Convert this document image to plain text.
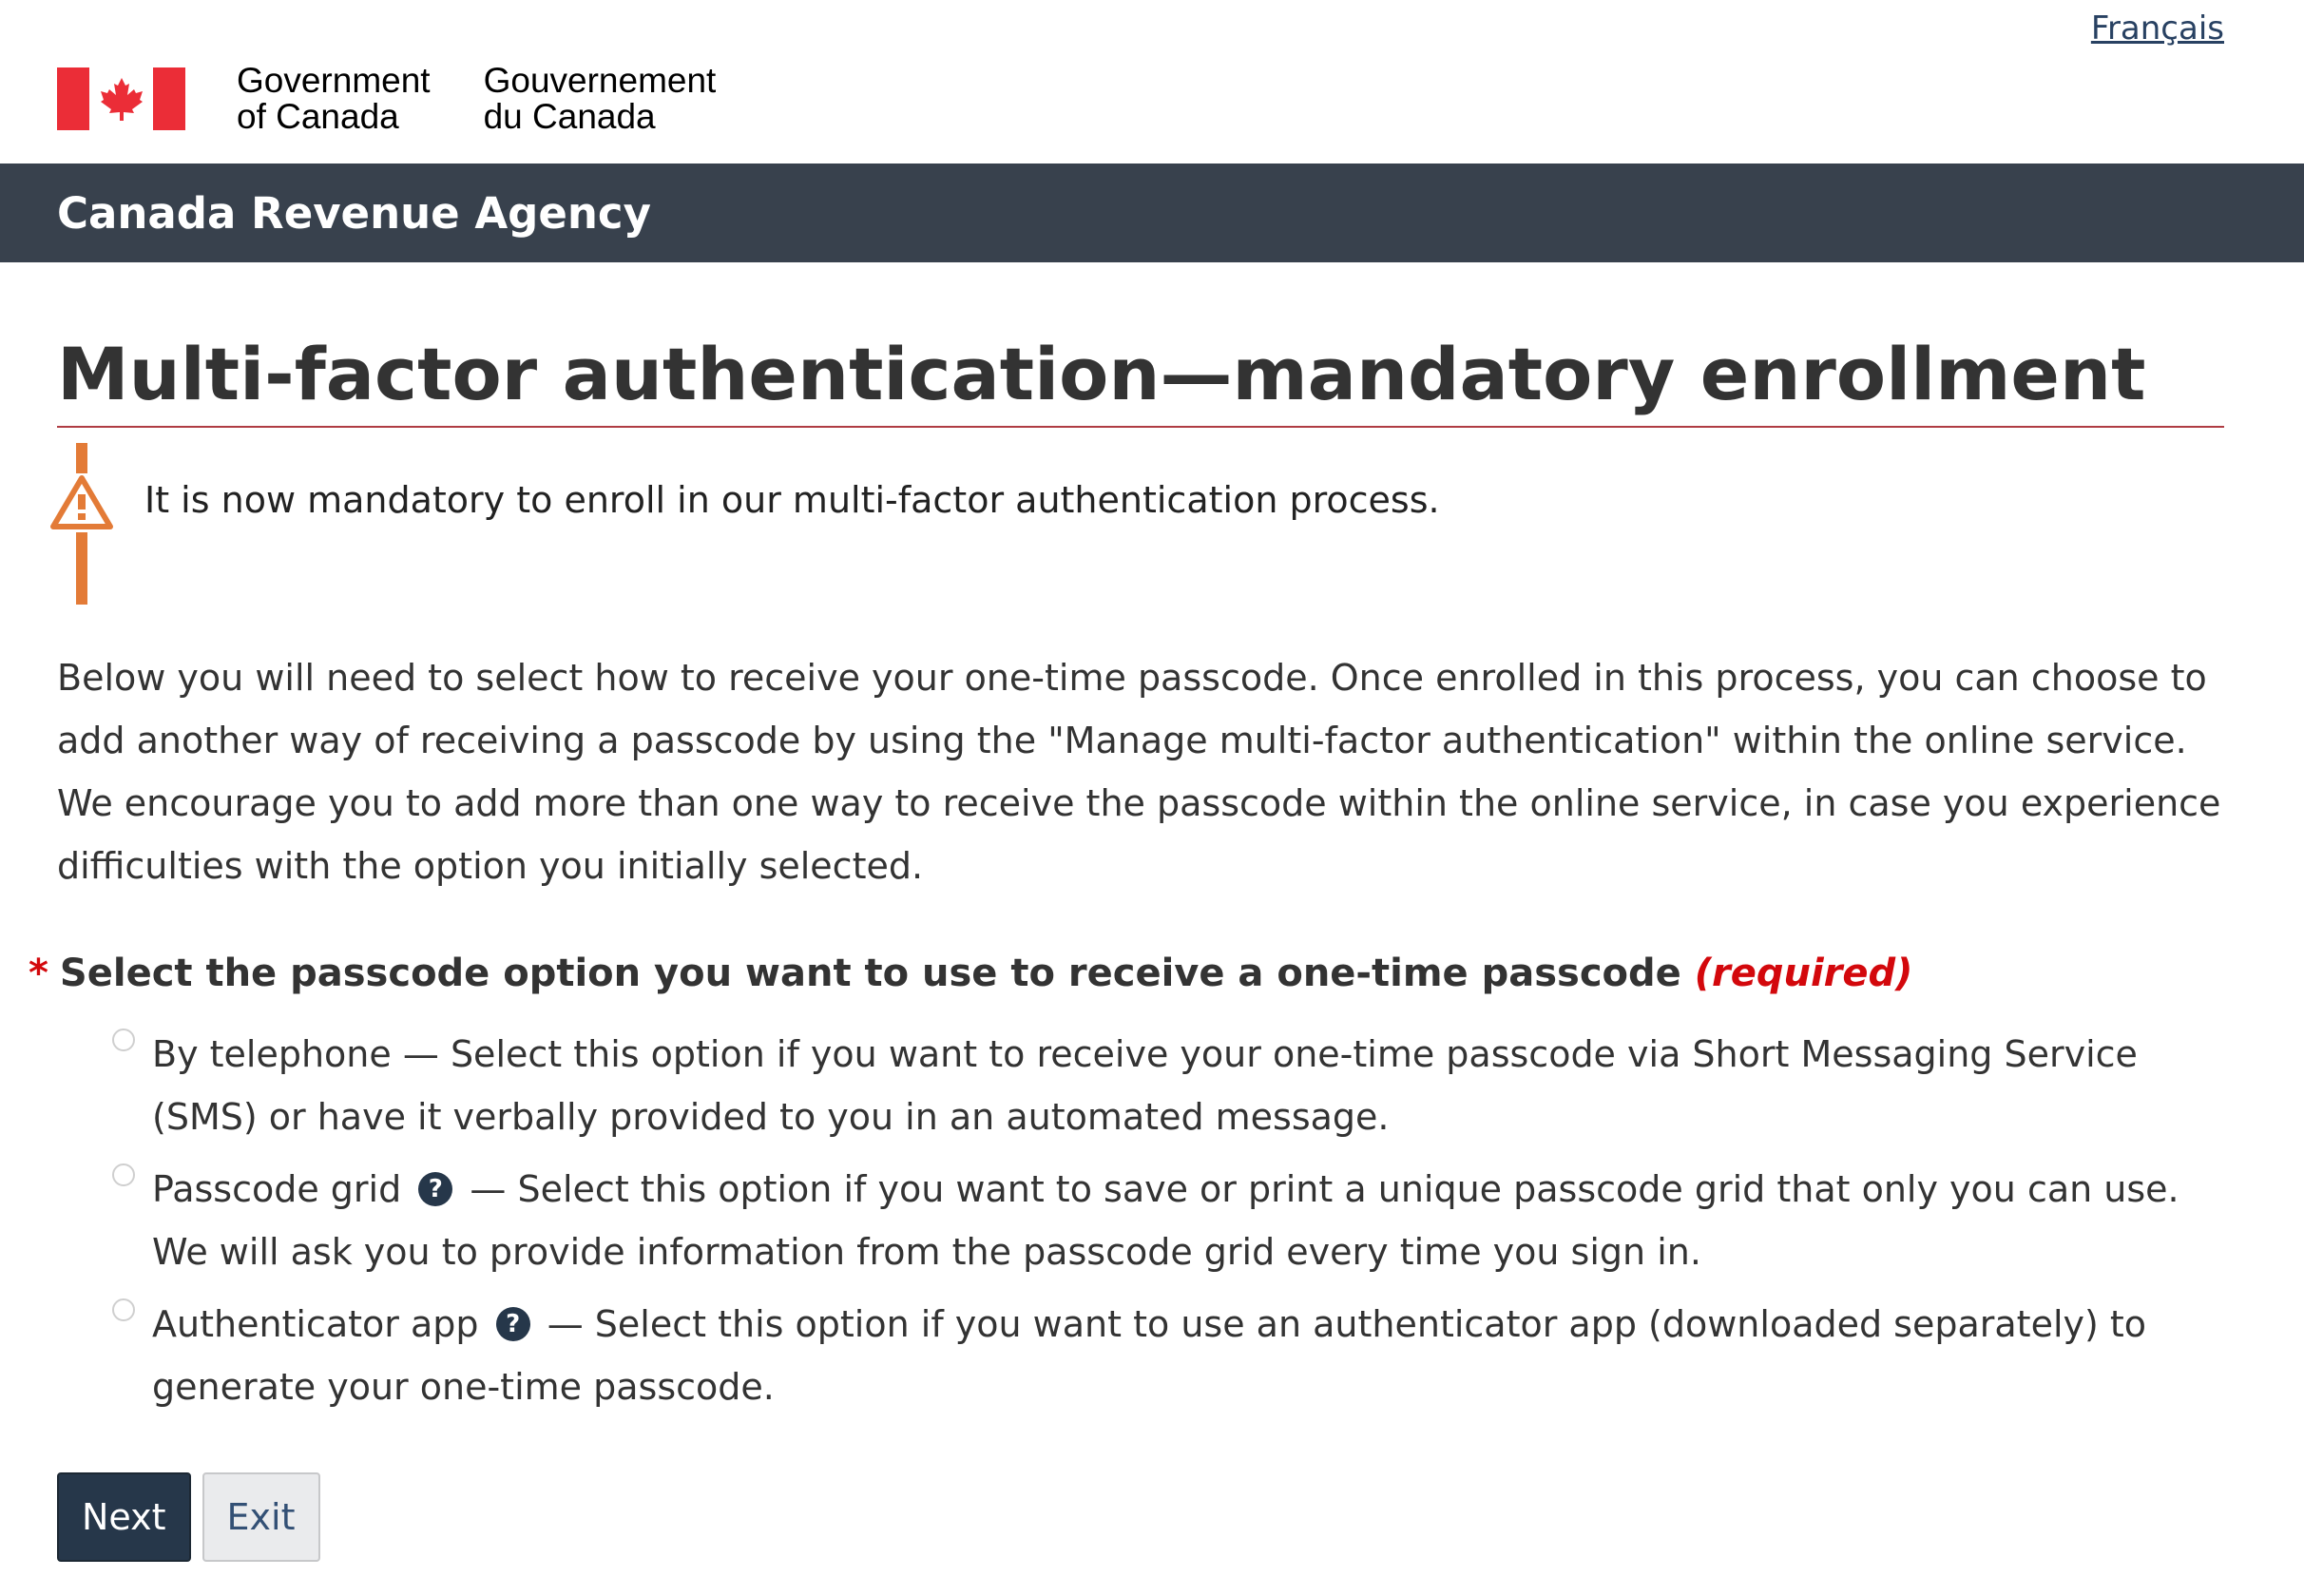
Français
Government
of Canada
Gouvernement
du Canada
Canada Revenue Agency
Multi-factor authentication—mandatory enrollment
It is now mandatory to enroll in our multi-factor authentication process.

Below you will need to select how to receive your one-time passcode. Once enrolled in this process, you can choose to add another way of receiving a passcode by using the "Manage multi-factor authentication" within the online service. We encourage you to add more than one way to receive the passcode within the online service, in case you experience difficulties with the option you initially selected.

* Select the passcode option you want to use to receive a one-time passcode (required)
By telephone — Select this option if you want to receive your one-time passcode via Short Messaging Service (SMS) or have it verbally provided to you in an automated message.
Passcode grid ? — Select this option if you want to save or print a unique passcode grid that only you can use. We will ask you to provide information from the passcode grid every time you sign in.
Authenticator app ? — Select this option if you want to use an authenticator app (downloaded separately) to generate your one-time passcode.
Next	Exit
